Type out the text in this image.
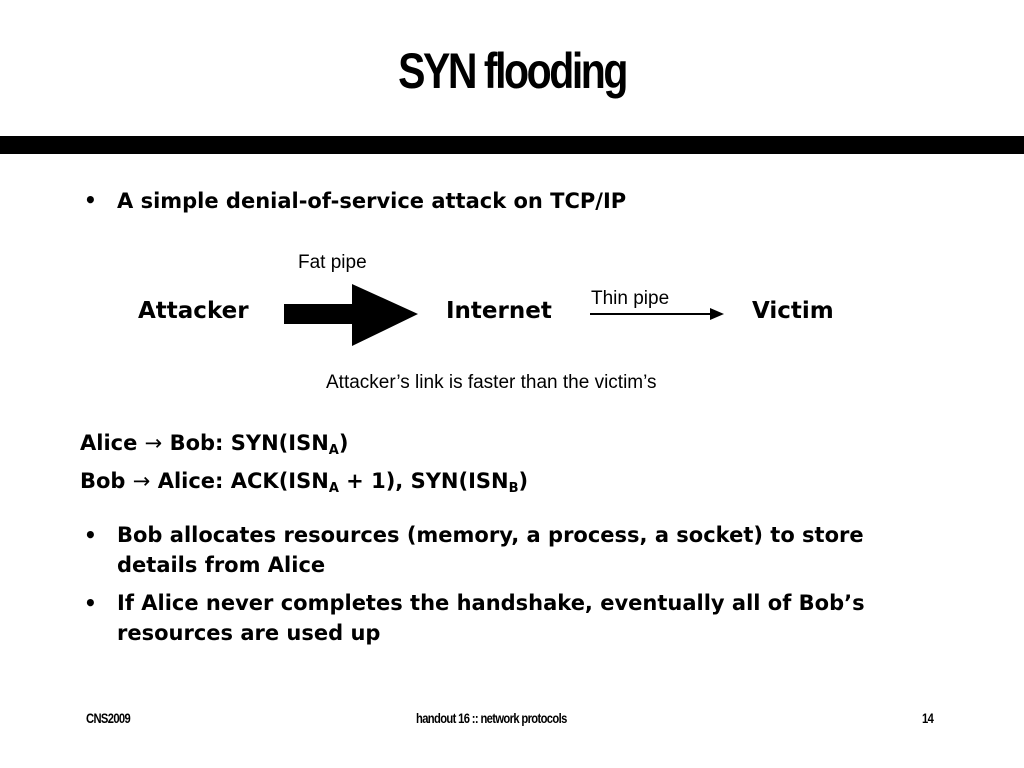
SYN flooding
• A simple denial-of-service attack on TCP/IP
Fat pipe
Attacker	Internet Thin pipe	Victim
Attacker’s link is faster than the victim’s
Alice → Bob: $SYN(ISN_A)$
Bob → Alice: $ACK(ISN_A + 1)$, $SYN(ISN_B)$
• Bob allocates resources (memory, a process, a socket) to store details from Alice
• If Alice never completes the handshake, eventually all of Bob’s resources are used up
CNS2009	handout 16 :: network protocols	14
